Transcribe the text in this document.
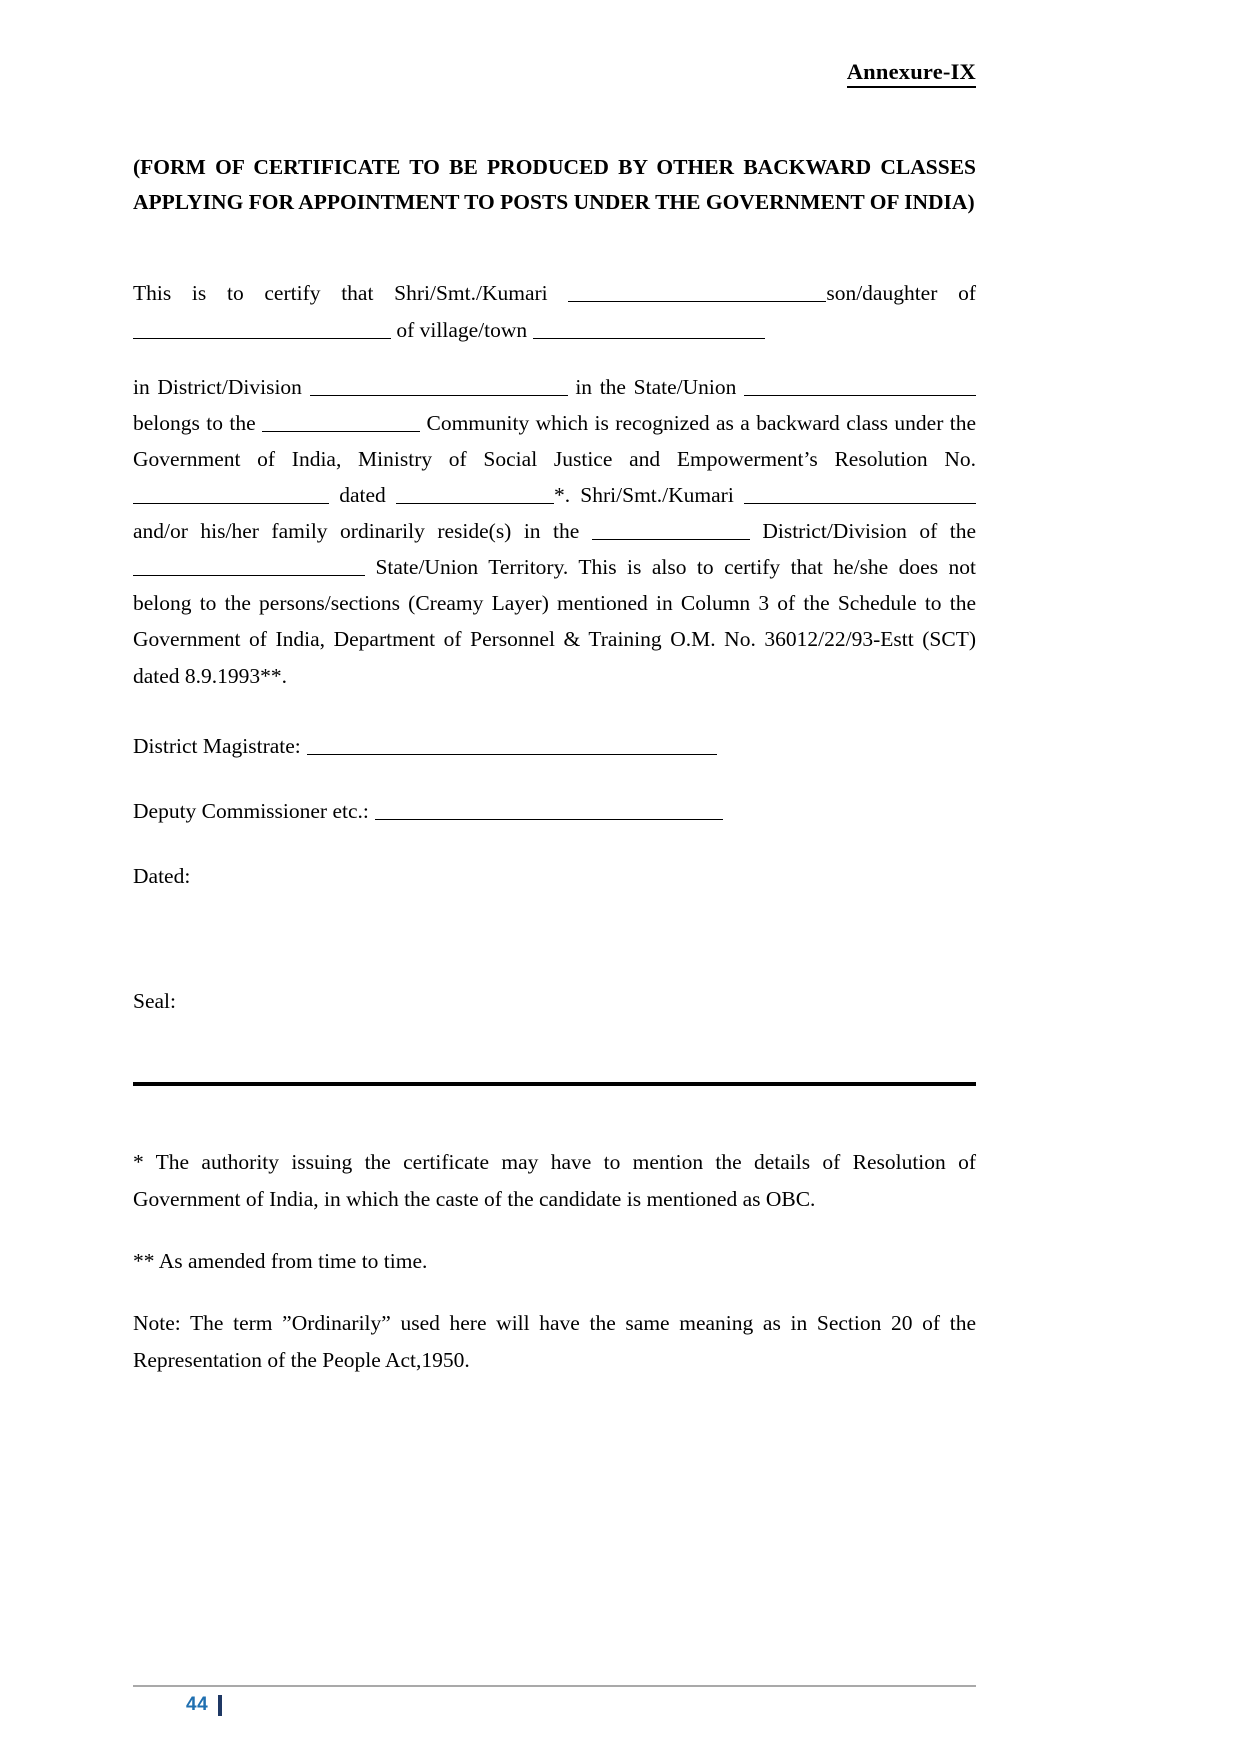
Annexure-IX
(FORM OF CERTIFICATE TO BE PRODUCED BY OTHER BACKWARD CLASSES APPLYING FOR APPOINTMENT TO POSTS UNDER THE GOVERNMENT OF INDIA)

This is to certify that Shri/Smt./Kumari	son/daughter of  of village/town

in District/Division	in the State/Union  belongs to the	Community which is recognized as a backward class under the Government of India, Ministry of Social Justice and Empowerment’s Resolution No.  dated	*. Shri/Smt./Kumari  and/or his/her family ordinarily reside(s) in the	District/Division of the  State/Union Territory. This is also to certify that he/she does not belong to the persons/sections (Creamy Layer) mentioned in Column 3 of the Schedule to the Government of India, Department of Personnel & Training O.M. No. 36012/22/93-Estt (SCT) dated 8.9.1993**.

District Magistrate:

Deputy Commissioner etc.:

Dated:

Seal:

* The authority issuing the certificate may have to mention the details of Resolution of Government of India, in which the caste of the candidate is mentioned as OBC.

** As amended from time to time.

Note: The term ”Ordinarily” used here will have the same meaning as in Section 20 of the Representation of the People Act,1950.

44
